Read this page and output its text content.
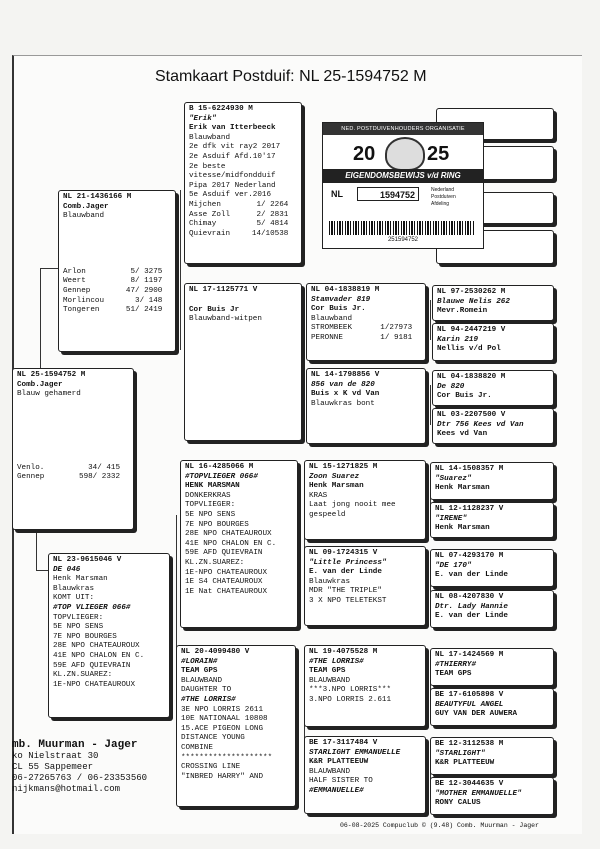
Stamkaart Postduif: NL 25-1594752 M
NL 25-1594752 M
Comb.Jager
Blauw gehamerd
Venlo.	34/ 415
Gennep	598/ 2332
NL 21-1436166 M
Comb.Jager
Blauwband
Arlon	5/ 3275
Weert	8/ 1197
Gennep	47/ 2900
Morlincou	3/ 148
Tongeren	51/ 2419
NL 23-9615046 V
DE 046
Henk Marsman
Blauwkras
KOMT UIT:
#TOP VLIEGER 066#
TOPVLIEGER:
5E NPO SENS
7E NPO BOURGES
28E NPO CHATEAUROUX
41E NPO CHALON EN C.
59E AFD QUIEVRAIN
KL.ZN.SUAREZ:
1E-NPO CHATEAUROUX
B 15-6224930 M
"Erik"
Erik van Itterbeeck
Blauwband
2e dfk vit ray2 2017
2e Asduif Afd.10'17
2e beste
vitesse/midfondduif
Pipa 2017 Nederland
5e Asduif ver.2016
Mijchen	1/ 2264
Asse Zoll	2/ 2831
Chimay	5/ 4814
Quievrain	14/10538
NL 17-1125771 V
Cor Buis Jr
Blauwband-witpen
NL 16-4285066 M
#TOPVLIEGER 066#
HENK MARSMAN
DONKERKRAS
TOPVLIEGER:
5E NPO SENS
7E NPO BOURGES
28E NPO CHATEAUROUX
41E NPO CHALON EN C.
59E AFD QUIEVRAIN
KL.ZN.SUAREZ:
1E-NPO CHATEAUROUX
1E S4 CHATEAUROUX
1E Nat CHATEAUROUX
NL 20-4099480 V
#LORAIN#
TEAM GPS
BLAUWBAND
DAUGHTER TO
#THE LORRIS#
3E NPO LORRIS 2611
10E NATIONAAL 10808
15.ACE PIGEON LONG
DISTANCE YOUNG
COMBINE
********************
CROSSING LINE
"INBRED HARRY" AND
NL 04-1838819 M
Stamvader 819
Cor Buis Jr.
Blauwband
STROMBEEK	1/27973
PERONNE	1/ 9181
NL 14-1798856 V
856 van de 820
Buis x K vd Van
Blauwkras bont
NL 15-1271825 M
Zoon Suarez
Henk Marsman
KRAS
Laat jong nooit mee
gespeeld
NL 09-1724315 V
"Little Princess"
E. van der Linde
Blauwkras
MDR "THE TRIPLE"
3 X NPO TELETEKST
NL 19-4075528 M
#THE LORRIS#
TEAM GPS
BLAUWBAND
***3.NPO LORRIS***
3.NPO LORRIS 2.611
BE 17-3117484 V
STARLIGHT EMMANUELLE
K&R PLATTEEUW
BLAUWBAND
HALF SISTER TO
#EMMANUELLE#
NL 97-2530262 M
Blauwe Nelis 262
Mevr.Romein
NL 94-2447219 V
Karin 219
Nellis v/d Pol
NL 04-1838820 M
De 820
Cor Buis Jr.
NL 03-2207500 V
Dtr 756 Kees vd Van
Kees vd Van
NL 14-1508357 M
"Suarez"
Henk Marsman
NL 12-1128237 V
"IRENE"
Henk Marsman
NL 07-4293170 M
"DE 170"
E. van der Linde
NL 08-4207830 V
Dtr. Lady Hannie
E. van der Linde
NL 17-1424569 M
#THIERRY#
TEAM GPS
BE 17-6105898 V
BEAUTYFUL ANGEL
GUY VAN DER AUWERA
BE 12-3112538 M
"STARLIGHT"
K&R PLATTEEUW
BE 12-3044635 V
"MOTHER EMMANUELLE"
RONY CALUS
NED. POSTDUIVENHOUDERS ORGANISATIE
20	25
EIGENDOMSBEWIJS v/d RING
NL	1594752	Nederland
Postduiven
Afdeling
251594752
mb. Muurman - Jager
ko Nielstraat 30
CL 55 Sappemeer
06-27265763 / 06-23353560
nijkmans@hotmail.com
06-08-2025 Compuclub © (9.48) Comb. Muurman - Jager
